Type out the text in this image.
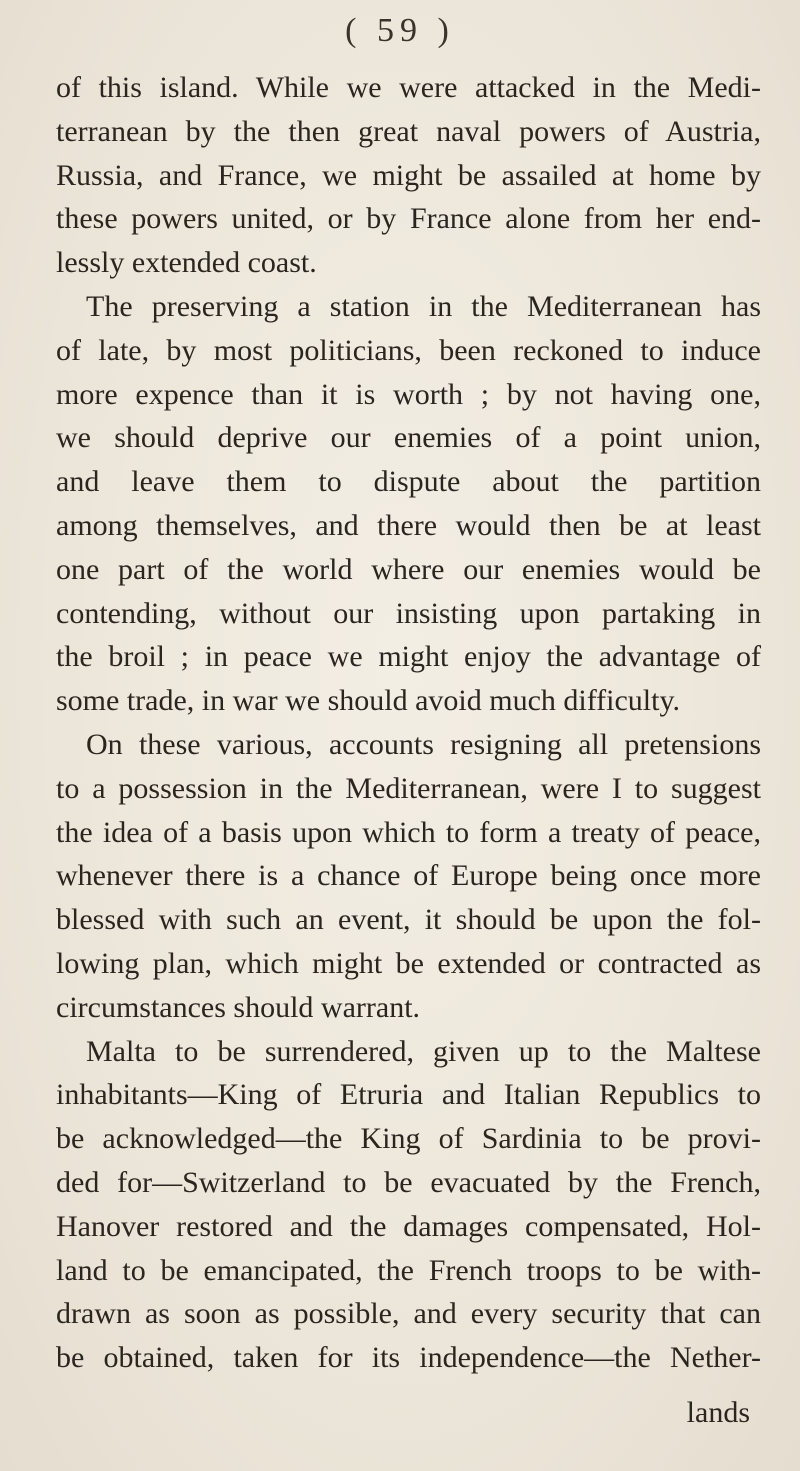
( 59 )
of this island. While we were attacked in the Medi-
terranean by the then great naval powers of Austria,
Russia, and France, we might be assailed at home by
these powers united, or by France alone from her end-
lessly extended coast.
The preserving a station in the Mediterranean has
of late, by most politicians, been reckoned to induce
more expence than it is worth ; by not having one,
we should deprive our enemies of a point union,
and leave them to dispute about the partition
among themselves, and there would then be at least
one part of the world where our enemies would be
contending, without our insisting upon partaking in
the broil ; in peace we might enjoy the advantage of
some trade, in war we should avoid much difficulty.
On these various, accounts resigning all pretensions
to a possession in the Mediterranean, were I to suggest
the idea of a basis upon which to form a treaty of peace,
whenever there is a chance of Europe being once more
blessed with such an event, it should be upon the fol-
lowing plan, which might be extended or contracted as
circumstances should warrant.
Malta to be surrendered, given up to the Maltese
inhabitants—King of Etruria and Italian Republics to
be acknowledged—the King of Sardinia to be provi-
ded for—Switzerland to be evacuated by the French,
Hanover restored and the damages compensated, Hol-
land to be emancipated, the French troops to be with-
drawn as soon as possible, and every security that can
be obtained, taken for its independence—the Nether-
lands
